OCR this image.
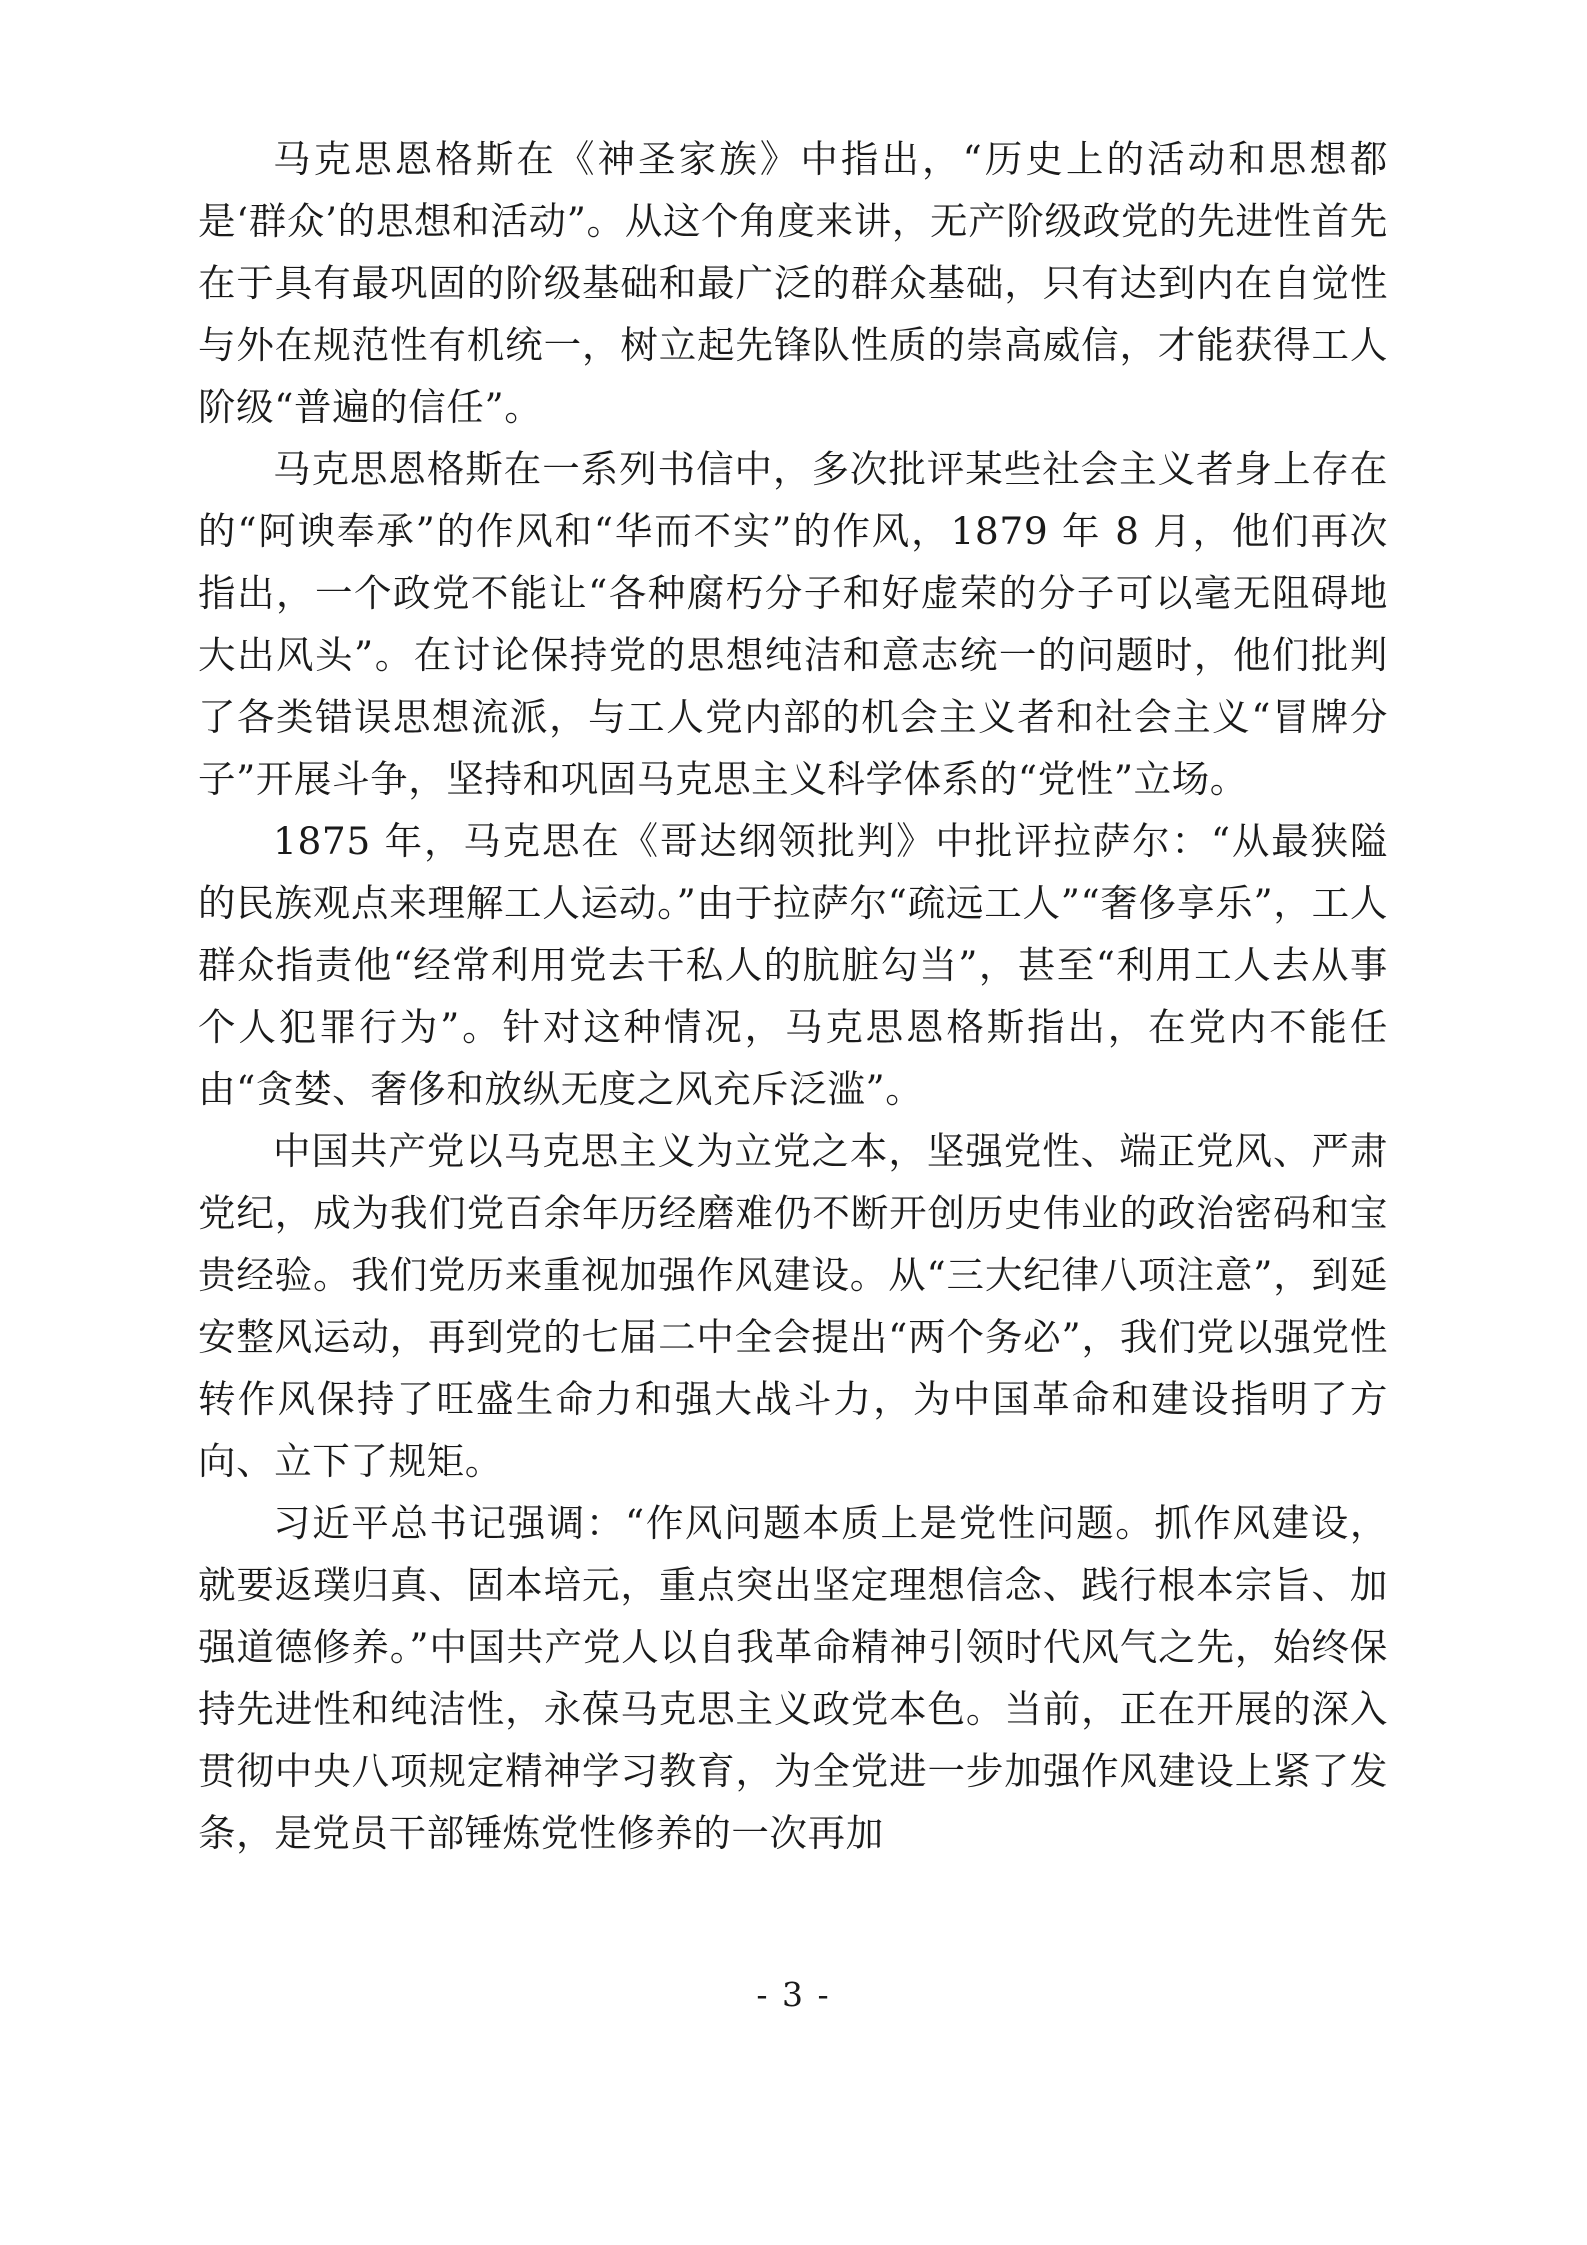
马克思恩格斯在《神圣家族》中指出，“历史上的活动和思想都是‘群众’的思想和活动”。从这个角度来讲，无产阶级政党的先进性首先在于具有最巩固的阶级基础和最广泛的群众基础，只有达到内在自觉性与外在规范性有机统一，树立起先锋队性质的崇高威信，才能获得工人阶级“普遍的信任”。

马克思恩格斯在一系列书信中，多次批评某些社会主义者身上存在的“阿谀奉承”的作风和“华而不实”的作风，1879 年 8 月，他们再次指出，一个政党不能让“各种腐朽分子和好虚荣的分子可以毫无阻碍地大出风头”。在讨论保持党的思想纯洁和意志统一的问题时，他们批判了各类错误思想流派，与工人党内部的机会主义者和社会主义“冒牌分子”开展斗争，坚持和巩固马克思主义科学体系的“党性”立场。

1875 年，马克思在《哥达纲领批判》中批评拉萨尔：“从最狭隘的民族观点来理解工人运动。”由于拉萨尔“疏远工人”“奢侈享乐”，工人群众指责他“经常利用党去干私人的肮脏勾当”，甚至“利用工人去从事个人犯罪行为”。针对这种情况，马克思恩格斯指出，在党内不能任由“贪婪、奢侈和放纵无度之风充斥泛滥”。

中国共产党以马克思主义为立党之本，坚强党性、端正党风、严肃党纪，成为我们党百余年历经磨难仍不断开创历史伟业的政治密码和宝贵经验。我们党历来重视加强作风建设。从“三大纪律八项注意”，到延安整风运动，再到党的七届二中全会提出“两个务必”，我们党以强党性转作风保持了旺盛生命力和强大战斗力，为中国革命和建设指明了方向、立下了规矩。

习近平总书记强调：“作风问题本质上是党性问题。抓作风建设，就要返璞归真、固本培元，重点突出坚定理想信念、践行根本宗旨、加强道德修养。”中国共产党人以自我革命精神引领时代风气之先，始终保持先进性和纯洁性，永葆马克思主义政党本色。当前，正在开展的深入贯彻中央八项规定精神学习教育，为全党进一步加强作风建设上紧了发条，是党员干部锤炼党性修养的一次再加

- 3 -
